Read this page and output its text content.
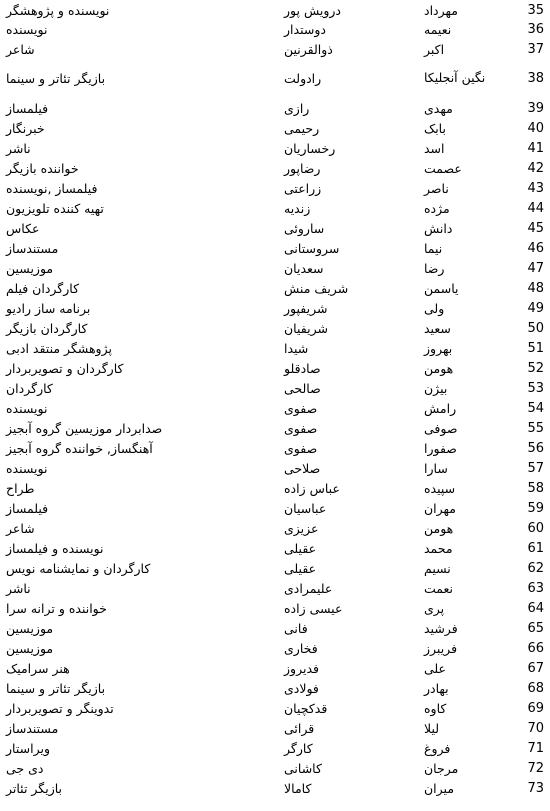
35
مهرداد
درویش پور
نویسنده و پژوهشگر
36
نعیمه
دوستدار
نویسنده
37
اکبر
ذوالقرنین
شاعر
38
نگین آنجلیکا
رادولت
بازیگر تئاتر و سینما
39
مهدی
رازی
فیلمساز
40
بابک
رحیمی
خبرنگار
41
اسد
رخساریان
ناشر
42
عصمت
رضاپور
خواننده بازیگر
43
ناصر
زراعتی
فیلمساز ,نویسنده
44
مژده
زندیه
تهیه کننده تلویزیون
45
دانش
ساروئی
عکاس
46
نیما
سروستانی
مستندساز
47
رضا
سعدیان
موزیسین
48
یاسمن
شریف منش
کارگردان فیلم
49
ولی
شریفپور
برنامه ساز رادیو
50
سعید
شریفیان
کارگردان بازیگر
51
بهروز
شیدا
پژوهشگر منتقد ادبی
52
هومن
صادقلو
کارگردان و تصویربردار
53
بیژن
صالحی
کارگردان
54
رامش
صفوی
نویسنده
55
صوفی
صفوی
صدابردار موزیسین گروه آبجیز
56
صفورا
صفوی
آهنگساز, خواننده گروه آبجیز
57
سارا
صلاحی
نویسنده
58
سپیده
عباس زاده
طراح
59
مهران
عباسیان
فیلمساز
60
هومن
عزیزی
شاعر
61
محمد
عقیلی
نویسنده و فیلمساز
62
نسیم
عقیلی
کارگردان و نمایشنامه نویس
63
نعمت
علیمرادی
ناشر
64
پری
عیسی زاده
خواننده و ترانه سرا
65
فرشید
فانی
موزیسین
66
فریبرز
فخاری
موزیسین
67
علی
فدیروز
هنر سرامیک
68
بهادر
فولادی
بازیگر تئاتر و سینما
69
کاوه
قدکچیان
تدوینگر و تصویربردار
70
لیلا
قرائی
مستندساز
71
فروغ
کارگر
ویراستار
72
مرجان
کاشانی
دی جی
73
میران
کامالا
بازیگر تئاتر
